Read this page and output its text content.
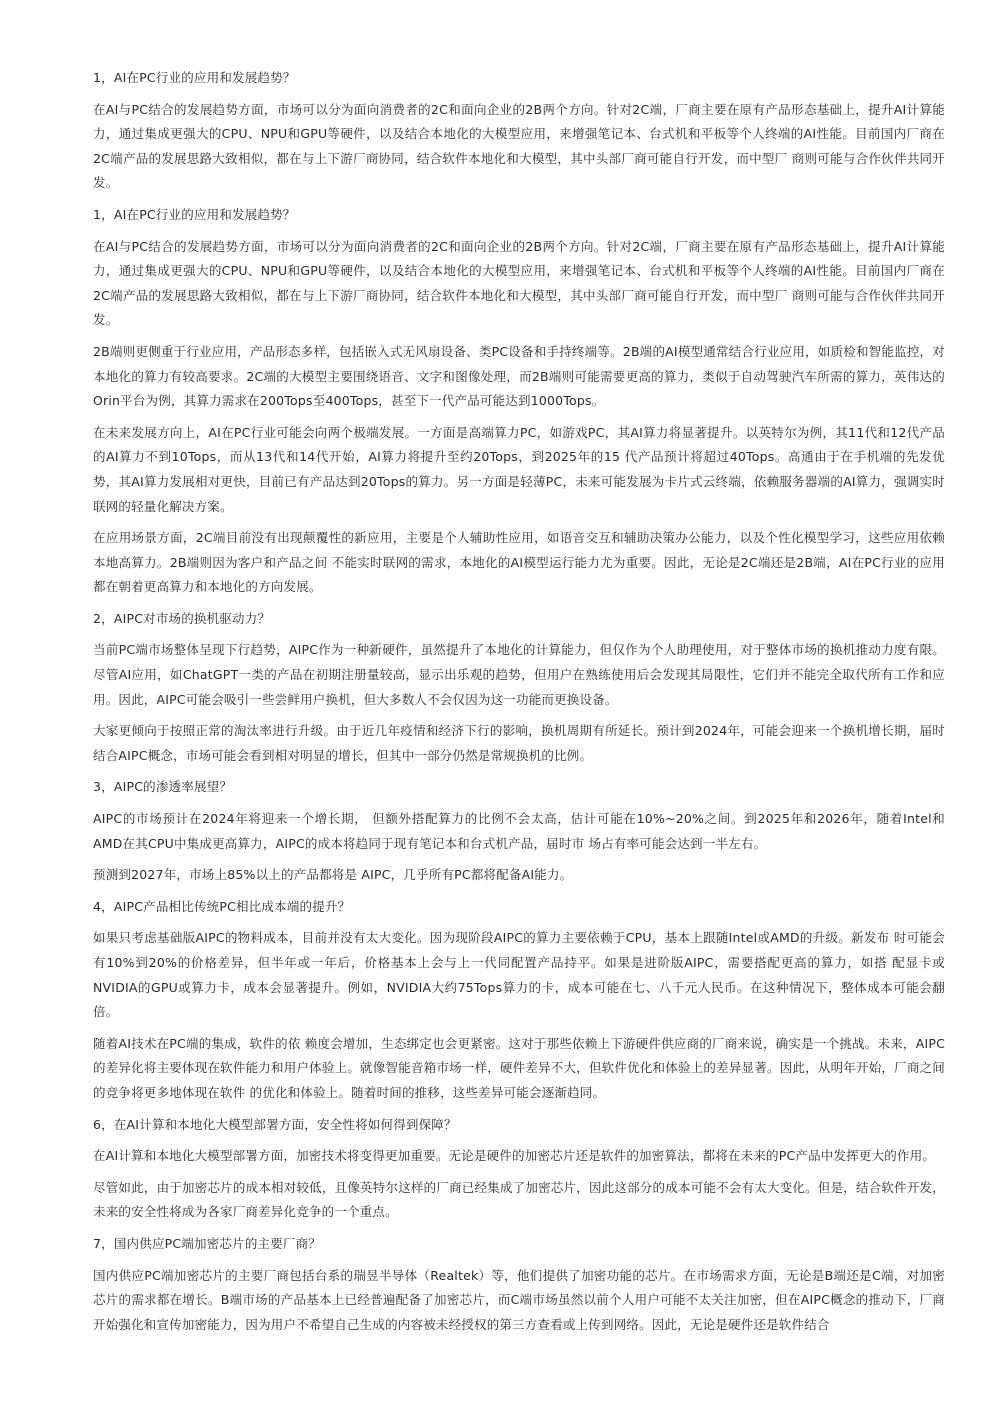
1，AI在PC行业的应用和发展趋势？

在AI与PC结合的发展趋势方面，市场可以分为面向消费者的2C和面向企业的2B两个方向。针对2C端，厂商主要在原有产品形态基础上，提升AI计算能力，通过集成更强大的CPU、NPU和GPU等硬件，以及结合本地化的大模型应用，来增强笔记本、台式机和平板等个人终端的AI性能。目前国内厂商在2C端产品的发展思路大致相似，都在与上下游厂商协同，结合软件本地化和大模型，其中头部厂商可能自行开发，而中型厂 商则可能与合作伙伴共同开发。

1，AI在PC行业的应用和发展趋势？

在AI与PC结合的发展趋势方面，市场可以分为面向消费者的2C和面向企业的2B两个方向。针对2C端，厂商主要在原有产品形态基础上，提升AI计算能力，通过集成更强大的CPU、NPU和GPU等硬件，以及结合本地化的大模型应用，来增强笔记本、台式机和平板等个人终端的AI性能。目前国内厂商在2C端产品的发展思路大致相似，都在与上下游厂商协同，结合软件本地化和大模型，其中头部厂商可能自行开发，而中型厂 商则可能与合作伙伴共同开发。

2B端则更侧重于行业应用，产品形态多样，包括嵌入式无风扇设备、类PC设备和手持终端等。2B端的AI模型通常结合行业应用，如质检和智能监控，对本地化的算力有较高要求。2C端的大模型主要围绕语音、文字和图像处理，而2B端则可能需要更高的算力，类似于自动驾驶汽车所需的算力，英伟达的Orin平台为例，其算力需求在200Tops至400Tops，甚至下一代产品可能达到1000Tops。

在未来发展方向上，AI在PC行业可能会向两个极端发展。一方面是高端算力PC，如游戏PC，其AI算力将显著提升。以英特尔为例，其11代和12代产品的AI算力不到10Tops，而从13代和14代开始，AI算力将提升至约20Tops，到2025年的15 代产品预计将超过40Tops。高通由于在手机端的先发优势，其AI算力发展相对更快，目前已有产品达到20Tops的算力。另一方面是轻薄PC，未来可能发展为卡片式云终端，依赖服务器端的AI算力，强调实时联网的轻量化解决方案。

在应用场景方面，2C端目前没有出现颠覆性的新应用，主要是个人辅助性应用，如语音交互和辅助决策办公能力，以及个性化模型学习，这些应用依赖本地高算力。2B端则因为客户和产品之间 不能实时联网的需求，本地化的AI模型运行能力尤为重要。因此，无论是2C端还是2B端，AI在PC行业的应用都在朝着更高算力和本地化的方向发展。

2，AIPC对市场的换机驱动力？

当前PC端市场整体呈现下行趋势，AIPC作为一种新硬件，虽然提升了本地化的计算能力，但仅作为个人助理使用，对于整体市场的换机推动力度有限。尽管AI应用，如ChatGPT一类的产品在初期注册量较高，显示出乐观的趋势，但用户在熟练使用后会发现其局限性，它们并不能完全取代所有工作和应用。因此，AIPC可能会吸引一些尝鲜用户换机，但大多数人不会仅因为这一功能而更换设备。

大家更倾向于按照正常的淘汰率进行升级。由于近几年疫情和经济下行的影响，换机周期有所延长。预计到2024年，可能会迎来一个换机增长期，届时结合AIPC概念，市场可能会看到相对明显的增长，但其中一部分仍然是常规换机的比例。

3，AIPC的渗透率展望？

AIPC的市场预计在2024年将迎来一个增长期， 但额外搭配算力的比例不会太高，估计可能在10%~20%之间。到2025年和2026年，随着Intel和AMD在其CPU中集成更高算力，AIPC的成本将趋同于现有笔记本和台式机产品，届时市 场占有率可能会达到一半左右。

预测到2027年，市场上85%以上的产品都将是 AIPC，几乎所有PC都将配备AI能力。

4，AIPC产品相比传统PC相比成本端的提升？

如果只考虑基础版AIPC的物料成本，目前并没有太大变化。因为现阶段AIPC的算力主要依赖于CPU，基本上跟随Intel或AMD的升级。新发布 时可能会有10%到20%的价格差异，但半年或一年后，价格基本上会与上一代同配置产品持平。如果是进阶版AIPC，需要搭配更高的算力，如搭 配显卡或NVIDIA的GPU或算力卡，成本会显著提升。例如，NVIDIA大约75Tops算力的卡，成本可能在七、八千元人民币。在这种情况下，整体成本可能会翻倍。

随着AI技术在PC端的集成，软件的依 赖度会增加，生态绑定也会更紧密。这对于那些依赖上下游硬件供应商的厂商来说，确实是一个挑战。未来，AIPC的差异化将主要体现在软件能力和用户体验上。就像智能音箱市场一样，硬件差异不大，但软件优化和体验上的差异显著。因此，从明年开始，厂商之间的竞争将更多地体现在软件 的优化和体验上。随着时间的推移，这些差异可能会逐渐趋同。

6，在AI计算和本地化大模型部署方面，安全性将如何得到保障？

在AI计算和本地化大模型部署方面，加密技术将变得更加重要。无论是硬件的加密芯片还是软件的加密算法，都将在未来的PC产品中发挥更大的作用。

尽管如此，由于加密芯片的成本相对较低，且像英特尔这样的厂商已经集成了加密芯片，因此这部分的成本可能不会有太大变化。但是，结合软件开发，未来的安全性将成为各家厂商差异化竞争的一个重点。

7，国内供应PC端加密芯片的主要厂商？

国内供应PC端加密芯片的主要厂商包括台系的瑞昱半导体（Realtek）等，他们提供了加密功能的芯片。在市场需求方面，无论是B端还是C端，对加密芯片的需求都在增长。B端市场的产品基本上已经普遍配备了加密芯片，而C端市场虽然以前个人用户可能不太关注加密，但在AIPC概念的推动下，厂商开始强化和宣传加密能力，因为用户不希望自己生成的内容被未经授权的第三方查看或上传到网络。因此，无论是硬件还是软件结合
